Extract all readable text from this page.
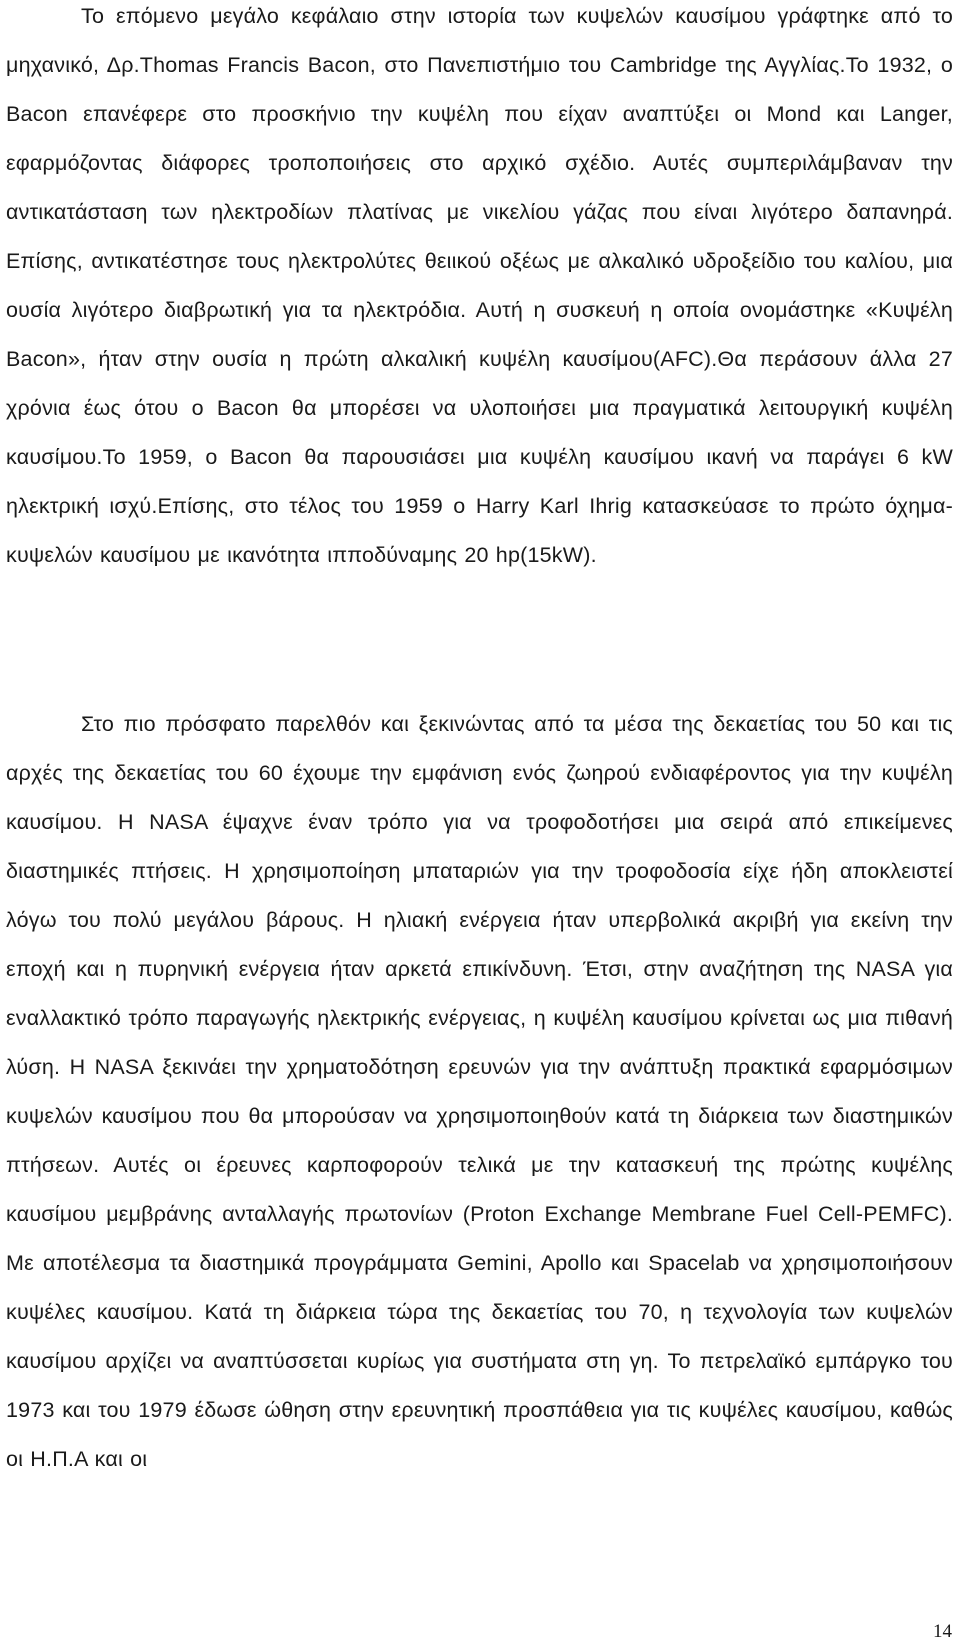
Το επόμενο μεγάλο κεφάλαιο στην ιστορία των κυψελών καυσίμου γράφτηκε από το μηχανικό, Δρ.Thomas Francis Bacon, στο Πανεπιστήμιο του Cambridge της Αγγλίας.Το 1932, ο Bacon επανέφερε στο προσκήνιο την κυψέλη που είχαν αναπτύξει οι Mond και Langer, εφαρμόζοντας διάφορες τροποποιήσεις στο αρχικό σχέδιο. Αυτές συμπεριλάμβαναν την αντικατάσταση των ηλεκτροδίων πλατίνας με νικελίου γάζας που είναι λιγότερο δαπανηρά. Επίσης, αντικατέστησε τους ηλεκτρολύτες θειικού οξέως με αλκαλικό υδροξείδιο του καλίου, μια ουσία λιγότερο διαβρωτική για τα ηλεκτρόδια. Αυτή η συσκευή η οποία ονομάστηκε «Κυψέλη Bacon», ήταν στην ουσία η πρώτη αλκαλική κυψέλη καυσίμου(AFC).Θα περάσουν άλλα 27 χρόνια έως ότου ο Bacon θα μπορέσει να υλοποιήσει μια πραγματικά λειτουργική κυψέλη καυσίμου.Το 1959, ο Bacon θα παρουσιάσει μια κυψέλη καυσίμου ικανή να παράγει 6 kW ηλεκτρική ισχύ.Επίσης, στο τέλος του 1959 ο Harry Karl Ihrig κατασκεύασε το πρώτο όχημα-κυψελών καυσίμου με ικανότητα ιπποδύναμης 20 hp(15kW).

Στο πιο πρόσφατο παρελθόν και ξεκινώντας από τα μέσα της δεκαετίας του 50 και τις αρχές της δεκαετίας του 60 έχουμε την εμφάνιση ενός ζωηρού ενδιαφέροντος για την κυψέλη καυσίμου. Η NASA έψαχνε έναν τρόπο για να τροφοδοτήσει μια σειρά από επικείμενες διαστημικές πτήσεις. Η χρησιμοποίηση μπαταριών για την τροφοδοσία είχε ήδη αποκλειστεί λόγω του πολύ μεγάλου βάρους. Η ηλιακή ενέργεια ήταν υπερβολικά ακριβή για εκείνη την εποχή και η πυρηνική ενέργεια ήταν αρκετά επικίνδυνη. Έτσι, στην αναζήτηση της NASA για εναλλακτικό τρόπο παραγωγής ηλεκτρικής ενέργειας, η κυψέλη καυσίμου κρίνεται ως μια πιθανή λύση. Η NASA ξεκινάει την χρηματοδότηση ερευνών για την ανάπτυξη πρακτικά εφαρμόσιμων κυψελών καυσίμου που θα μπορούσαν να χρησιμοποιηθούν κατά τη διάρκεια των διαστημικών πτήσεων. Αυτές οι έρευνες καρποφορούν τελικά με την κατασκευή της πρώτης κυψέλης καυσίμου μεμβράνης ανταλλαγής πρωτονίων (Proton Exchange Membrane Fuel Cell-PEMFC). Με αποτέλεσμα τα διαστημικά προγράμματα Gemini, Apollo και Spacelab να χρησιμοποιήσουν κυψέλες καυσίμου. Κατά τη διάρκεια τώρα της δεκαετίας του 70, η τεχνολογία των κυψελών καυσίμου αρχίζει να αναπτύσσεται κυρίως για συστήματα στη γη. Το πετρελαϊκό εμπάργκο του 1973 και του 1979 έδωσε ώθηση στην ερευνητική προσπάθεια για τις κυψέλες καυσίμου, καθώς οι Η.Π.Α και οι

14
